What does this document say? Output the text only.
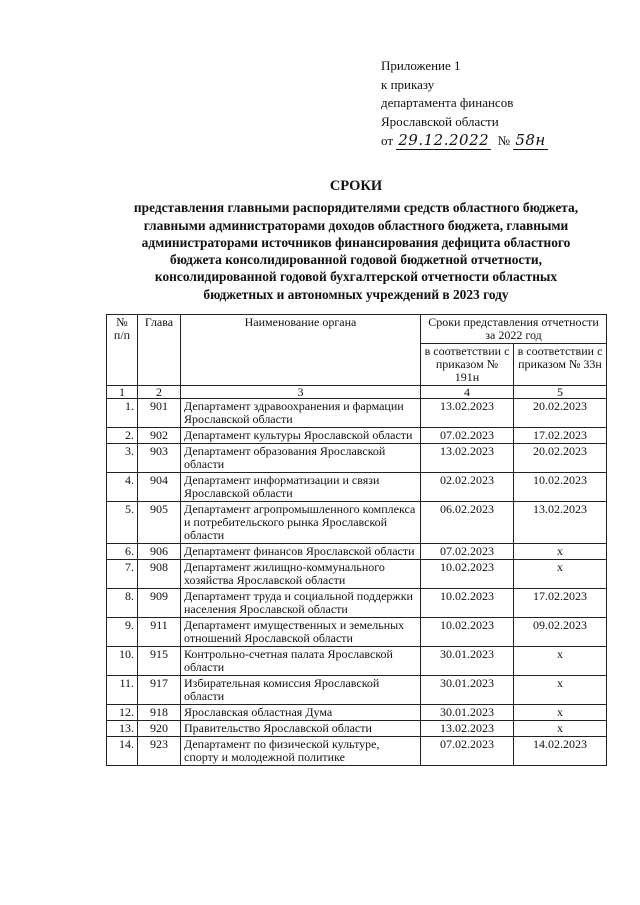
Приложение 1
к приказу
департамента финансов
Ярославской области
от 29.12.2022 № 58н
СРОКИ
представления главными распорядителями средств областного бюджета,
главными администраторами доходов областного бюджета, главными
администраторами источников финансирования дефицита областного
бюджета консолидированной годовой бюджетной отчетности,
консолидированной годовой бухгалтерской отчетности областных
бюджетных и автономных учреждений в 2023 году
№ п/п	Глава	Наименование органа	Сроки представления отчетности за 2022 год	
			в соответствии с приказом № 191н	в соответствии с приказом № 33н
1	2	3	4	5
1.	901	Департамент здравоохранения и фармации Ярославской области	13.02.2023	20.02.2023
2.	902	Департамент культуры Ярославской области	07.02.2023	17.02.2023
3.	903	Департамент образования Ярославской области	13.02.2023	20.02.2023
4.	904	Департамент информатизации и связи Ярославской области	02.02.2023	10.02.2023
5.	905	Департамент агропромышленного комплекса и потребительского рынка Ярославской области	06.02.2023	13.02.2023
6.	906	Департамент финансов Ярославской области	07.02.2023	х
7.	908	Департамент жилищно-коммунального хозяйства Ярославской области	10.02.2023	х
8.	909	Департамент труда и социальной поддержки населения Ярославской области	10.02.2023	17.02.2023
9.	911	Департамент имущественных и земельных отношений Ярославской области	10.02.2023	09.02.2023
10.	915	Контрольно-счетная палата Ярославской области	30.01.2023	х
11.	917	Избирательная комиссия Ярославской области	30.01.2023	х
12.	918	Ярославская областная Дума	30.01.2023	х
13.	920	Правительство Ярославской области	13.02.2023	х
14.	923	Департамент по физической культуре, спорту и молодежной политике	07.02.2023	14.02.2023
